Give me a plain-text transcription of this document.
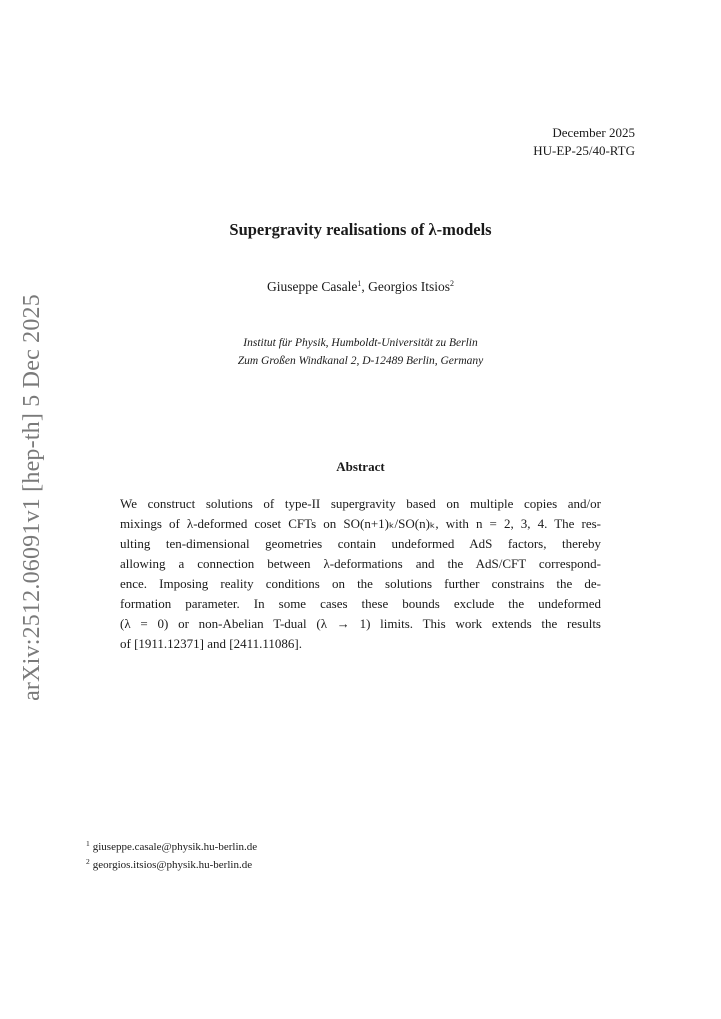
arXiv:2512.06091v1 [hep-th] 5 Dec 2025
December 2025
HU-EP-25/40-RTG
Supergravity realisations of λ-models
Giuseppe Casale$^1$, Georgios Itsios$^2$
Institut für Physik, Humboldt-Universität zu Berlin
Zum Großen Windkanal 2, D-12489 Berlin, Germany
Abstract
We construct solutions of type-II supergravity based on multiple copies and/or
mixings of λ-deformed coset CFTs on SO(n+1)ₖ/SO(n)ₖ, with n = 2, 3, 4. The res-
ulting ten-dimensional geometries contain undeformed AdS factors, thereby
allowing a connection between λ-deformations and the AdS/CFT correspond-
ence. Imposing reality conditions on the solutions further constrains the de-
formation parameter. In some cases these bounds exclude the undeformed
(λ = 0) or non-Abelian T-dual (λ → 1) limits. This work extends the results
of [1911.12371] and [2411.11086].
$^1$ giuseppe.casale@physik.hu-berlin.de
$^2$ georgios.itsios@physik.hu-berlin.de
